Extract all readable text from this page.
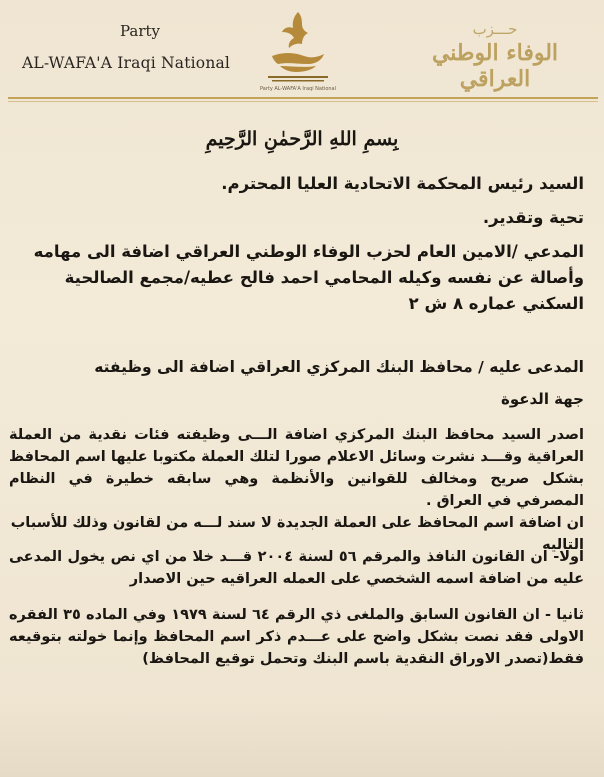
Party
AL-WAFA'A Iraqi National
Party AL-WAFA'A Iraqi National
حـــزب
الوفاء الوطني العراقي
بِسمِ اللهِ الرَّحمٰنِ الرَّحِيمِ
السيد رئيس المحكمة الاتحادية العليا المحترم.
تحية وتقدير.
المدعي /الامين العام لحزب الوفاء الوطني العراقي اضافة الى مهامه
وأصالة عن نفسه وكيله المحامي احمد فالح عطيه/مجمع الصالحية
السكني عماره ٨ ش ٢
المدعى عليه / محافظ البنك المركزي العراقي اضافة الى وظيفته
جهة الدعوة
اصدر السيد محافظ البنك المركزي اضافة الـــى وظيفته فئات نقدية من العملة العراقية وقـــد نشرت وسائل الاعلام صورا لتلك العملة مكتوبا عليها اسم المحافظ بشكل صريح ومخالف للقوانين والأنظمة وهي سابقه خطيرة في النظام المصرفي في العراق .
ان اضافة اسم المحافظ على العملة الجديدة لا سند لـــه من لقانون وذلك للأسباب التاليه
اولا- ان القانون النافذ والمرقم ٥٦ لسنة ٢٠٠٤ قـــد خلا من اي نص يخول المدعى عليه من اضافة اسمه الشخصي على العمله العراقيه حين الاصدار
ثانيا - ان القانون السابق والملغى ذي الرقم ٦٤ لسنة ١٩٧٩ وفي الماده ٣٥ الفقره الاولى فقد نصت بشكل واضح على عـــدم ذكر اسم المحافظ وإنما خولته بتوقيعه فقط(تصدر الاوراق النقدية باسم البنك وتحمل توقيع المحافظ)
